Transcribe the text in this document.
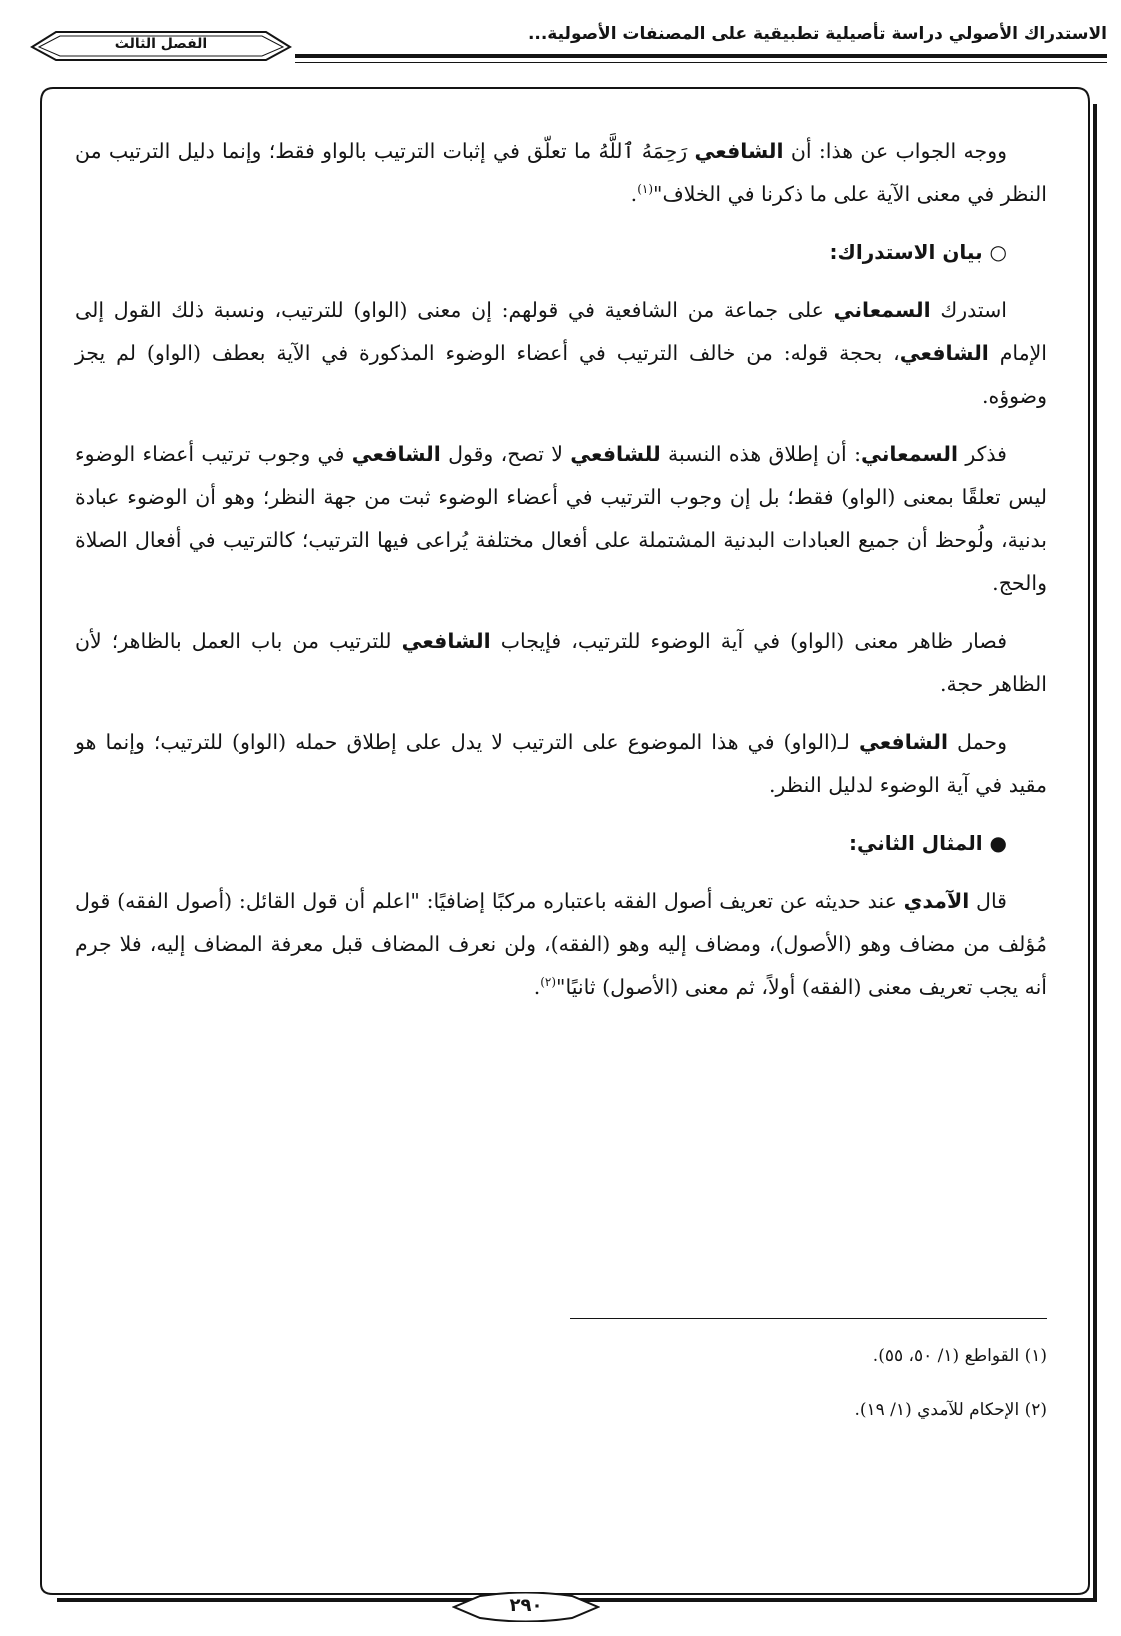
الاستدراك الأصولي دراسة تأصيلية تطبيقية على المصنفات الأصولية...
الفصل الثالث

ووجه الجواب عن هذا: أن الشافعي رَحِمَهُ ٱللَّهُ ما تعلّق في إثبات الترتيب بالواو فقط؛ وإنما دليل الترتيب من النظر في معنى الآية على ما ذكرنا في الخلاف"$^{(١)}$.

○ بيان الاستدراك:

استدرك السمعاني على جماعة من الشافعية في قولهم: إن معنى (الواو) للترتيب، ونسبة ذلك القول إلى الإمام الشافعي، بحجة قوله: من خالف الترتيب في أعضاء الوضوء المذكورة في الآية بعطف (الواو) لم يجز وضوؤه.

فذكر السمعاني: أن إطلاق هذه النسبة للشافعي لا تصح، وقول الشافعي في وجوب ترتيب أعضاء الوضوء ليس تعلقًا بمعنى (الواو) فقط؛ بل إن وجوب الترتيب في أعضاء الوضوء ثبت من جهة النظر؛ وهو أن الوضوء عبادة بدنية، ولُوحظ أن جميع العبادات البدنية المشتملة على أفعال مختلفة يُراعى فيها الترتيب؛ كالترتيب في أفعال الصلاة والحج.

فصار ظاهر معنى (الواو) في آية الوضوء للترتيب، فإيجاب الشافعي للترتيب من باب العمل بالظاهر؛ لأن الظاهر حجة.

وحمل الشافعي لـ(الواو) في هذا الموضوع على الترتيب لا يدل على إطلاق حمله (الواو) للترتيب؛ وإنما هو مقيد في آية الوضوء لدليل النظر.

● المثال الثاني:

قال الآمدي عند حديثه عن تعريف أصول الفقه باعتباره مركبًا إضافيًا: "اعلم أن قول القائل: (أصول الفقه) قول مُؤلف من مضاف وهو (الأصول)، ومضاف إليه وهو (الفقه)، ولن نعرف المضاف قبل معرفة المضاف إليه، فلا جرم أنه يجب تعريف معنى (الفقه) أولاً، ثم معنى (الأصول) ثانيًا"$^{(٢)}$.

(١) القواطع (١/ ٥٠، ٥٥).
(٢) الإحكام للآمدي (١/ ١٩).
٢٩٠
